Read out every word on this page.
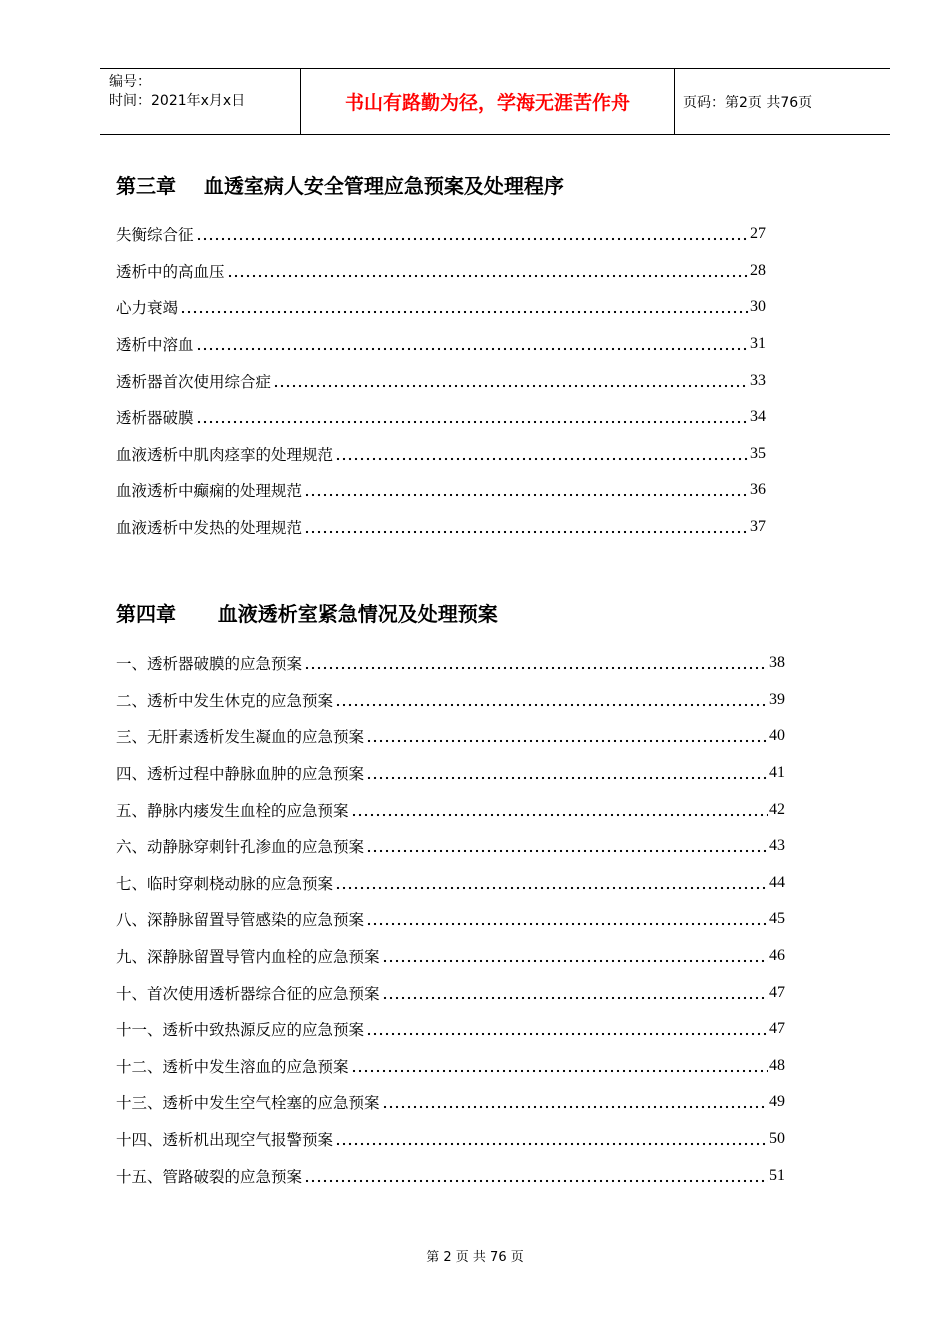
编号：
时间：2021年x月x日	书山有路勤为径，学海无涯苦作舟	页码：第2页 共76页
第三章    血透室病人安全管理应急预案及处理程序
失衡综合征	27
透析中的高血压	28
心力衰竭	30
透析中溶血	31
透析器首次使用综合症	33
透析器破膜	34
血液透析中肌肉痉挛的处理规范	35
血液透析中癫痫的处理规范	36
血液透析中发热的处理规范	37
第四章      血液透析室紧急情况及处理预案
一、透析器破膜的应急预案	38
二、透析中发生休克的应急预案	39
三、无肝素透析发生凝血的应急预案	40
四、透析过程中静脉血肿的应急预案	41
五、静脉内瘘发生血栓的应急预案	42
六、动静脉穿刺针孔渗血的应急预案	43
七、临时穿刺桡动脉的应急预案	44
八、深静脉留置导管感染的应急预案	45
九、深静脉留置导管内血栓的应急预案	46
十、首次使用透析器综合征的应急预案	47
十一、透析中致热源反应的应急预案	47
十二、透析中发生溶血的应急预案	48
十三、透析中发生空气栓塞的应急预案	49
十四、透析机出现空气报警预案	50
十五、管路破裂的应急预案	51
第 2 页 共 76 页
